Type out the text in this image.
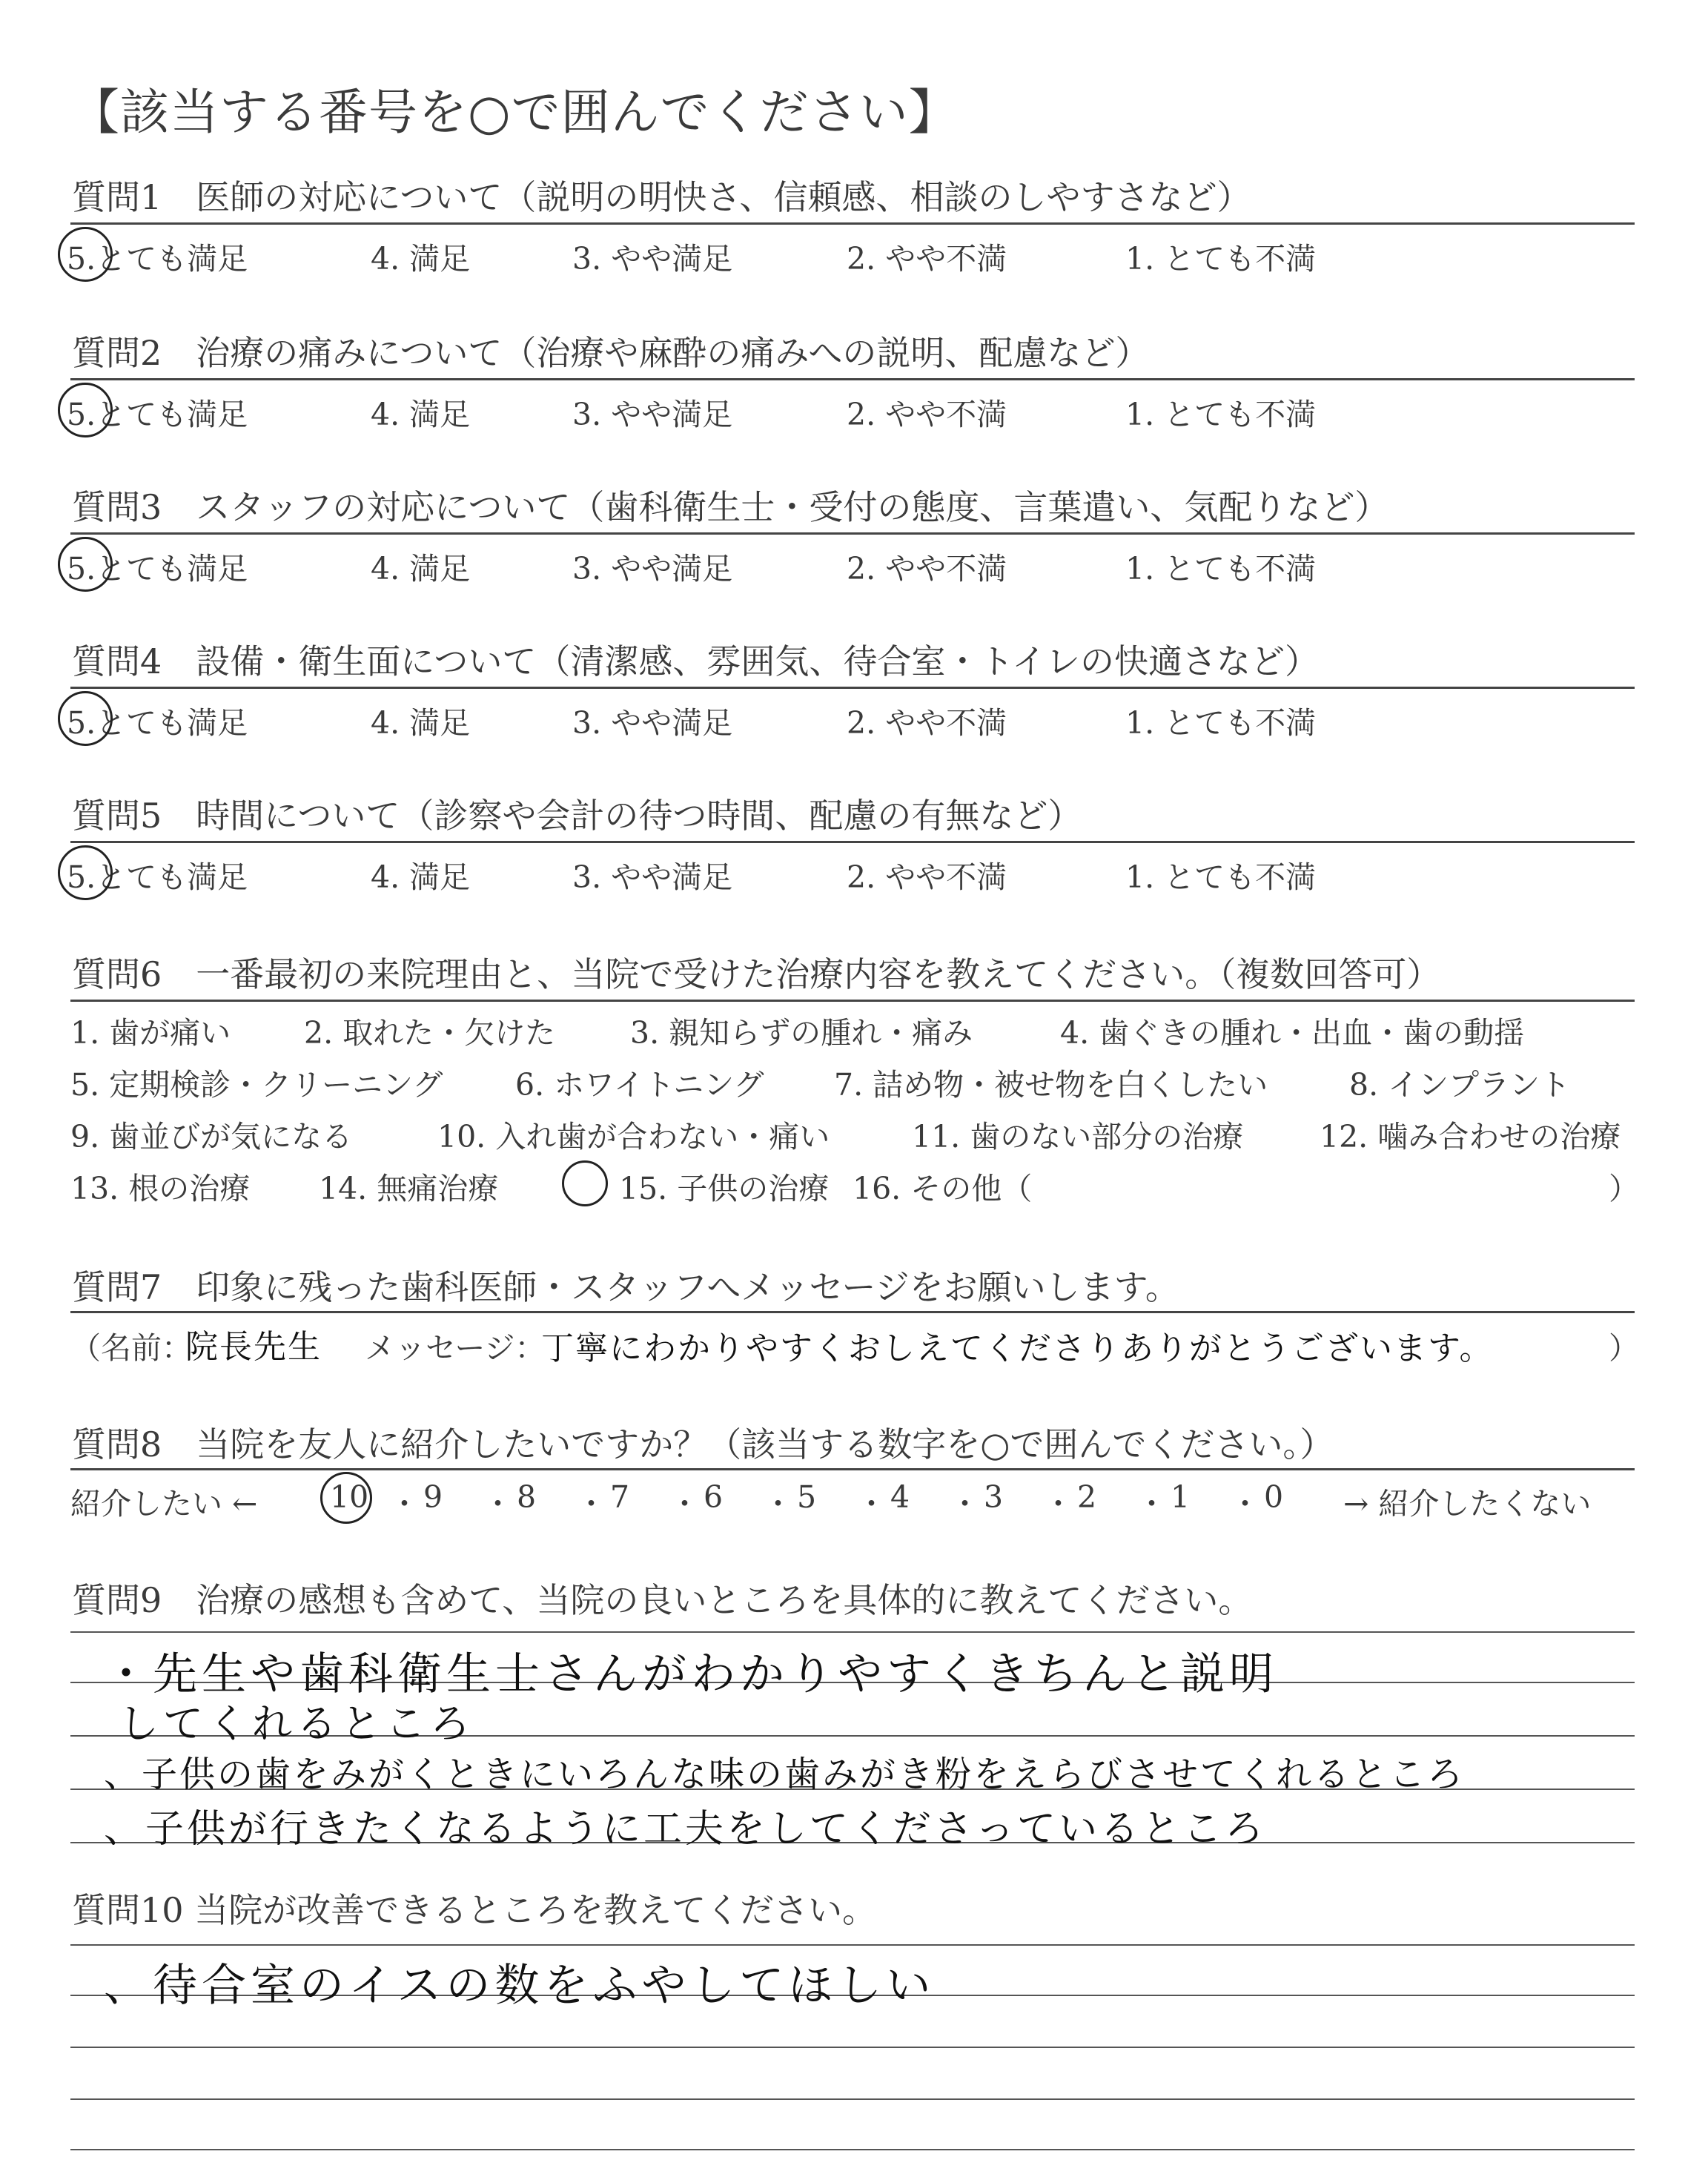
【該当する番号を○で囲んでください】
質問1　医師の対応について（説明の明快さ、信頼感、相談のしやすさなど）
5.とても満足	4. 満足	3. やや満足	2. やや不満	1. とても不満
質問2　治療の痛みについて（治療や麻酔の痛みへの説明、配慮など）
5.とても満足	4. 満足	3. やや満足	2. やや不満	1. とても不満
質問3　スタッフの対応について（歯科衛生士・受付の態度、言葉遣い、気配りなど）
5.とても満足	4. 満足	3. やや満足	2. やや不満	1. とても不満
質問4　設備・衛生面について（清潔感、雰囲気、待合室・トイレの快適さなど）
5.とても満足	4. 満足	3. やや満足	2. やや不満	1. とても不満
質問5　時間について（診察や会計の待つ時間、配慮の有無など）
5.とても満足	4. 満足	3. やや満足	2. やや不満	1. とても不満
質問6　一番最初の来院理由と、当院で受けた治療内容を教えてください。（複数回答可）
1. 歯が痛い 2. 取れた・欠けた 3. 親知らずの腫れ・痛み	4. 歯ぐきの腫れ・出血・歯の動揺
5. 定期検診・クリーニング 6. ホワイトニング 7. 詰め物・被せ物を白くしたい	8. インプラント
9. 歯並びが気になる	10. 入れ歯が合わない・痛い	11. 歯のない部分の治療	12. 噛み合わせの治療
13. 根の治療 14. 無痛治療	15. 子供の治療 16. その他（	）
質問7　印象に残った歯科医師・スタッフへメッセージをお願いします。
（名前：
院長先生 メッセージ：
丁寧にわかりやすくおしえてくださりありがとうございます。	）
質問8　当院を友人に紹介したいですか？（該当する数字を○で囲んでください。）
紹介したい ← 10 ・ 9 ・ 8 ・ 7 ・ 6 ・ 5 ・ 4 ・ 3 ・ 2 ・ 1 ・ 0 → 紹介したくない
質問9　治療の感想も含めて、当院の良いところを具体的に教えてください。
・先生や歯科衛生士さんがわかりやすくきちんと説明
してくれるところ
、子供の歯をみがくときにいろんな味の歯みがき粉をえらびさせてくれるところ
、子供が行きたくなるように工夫をしてくださっているところ
質問10 当院が改善できるところを教えてください。
、待合室のイスの数をふやしてほしい
